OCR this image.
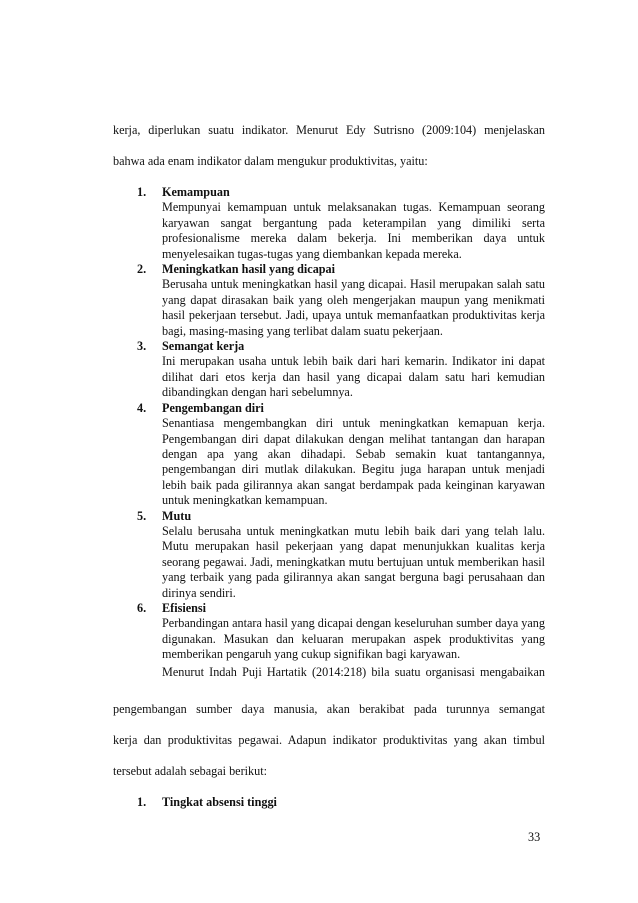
kerja, diperlukan suatu indikator. Menurut Edy Sutrisno (2009:104) menjelaskan
bahwa ada enam indikator dalam mengukur produktivitas, yaitu:
1. Kemampuan
Mempunyai kemampuan untuk melaksanakan tugas. Kemampuan seorang karyawan sangat bergantung pada keterampilan yang dimiliki serta profesionalisme mereka dalam bekerja. Ini memberikan daya untuk menyelesaikan tugas-tugas yang diembankan kepada mereka.
2. Meningkatkan hasil yang dicapai
Berusaha untuk meningkatkan hasil yang dicapai. Hasil merupakan salah satu yang dapat dirasakan baik yang oleh mengerjakan maupun yang menikmati hasil pekerjaan tersebut. Jadi, upaya untuk memanfaatkan produktivitas kerja bagi, masing-masing yang terlibat dalam suatu pekerjaan.
3. Semangat kerja
Ini merupakan usaha untuk lebih baik dari hari kemarin. Indikator ini dapat dilihat dari etos kerja dan hasil yang dicapai dalam satu hari kemudian dibandingkan dengan hari sebelumnya.
4. Pengembangan diri
Senantiasa mengembangkan diri untuk meningkatkan kemapuan kerja. Pengembangan diri dapat dilakukan dengan melihat tantangan dan harapan dengan apa yang akan dihadapi. Sebab semakin kuat tantangannya, pengembangan diri mutlak dilakukan. Begitu juga harapan untuk menjadi lebih baik pada gilirannya akan sangat berdampak pada keinginan karyawan untuk meningkatkan kemampuan.
5. Mutu
Selalu berusaha untuk meningkatkan mutu lebih baik dari yang telah lalu. Mutu merupakan hasil pekerjaan yang dapat menunjukkan kualitas kerja seorang pegawai. Jadi, meningkatkan mutu bertujuan untuk memberikan hasil yang terbaik yang pada gilirannya akan sangat berguna bagi perusahaan dan dirinya sendiri.
6. Efisiensi
Perbandingan antara hasil yang dicapai dengan keseluruhan sumber daya yang digunakan. Masukan dan keluaran merupakan aspek produktivitas yang memberikan pengaruh yang cukup signifikan bagi karyawan.
Menurut Indah Puji Hartatik (2014:218) bila suatu organisasi mengabaikan
pengembangan sumber daya manusia, akan berakibat pada turunnya semangat
kerja dan produktivitas pegawai. Adapun indikator produktivitas yang akan timbul
tersebut adalah sebagai berikut:
1. Tingkat absensi tinggi
33
